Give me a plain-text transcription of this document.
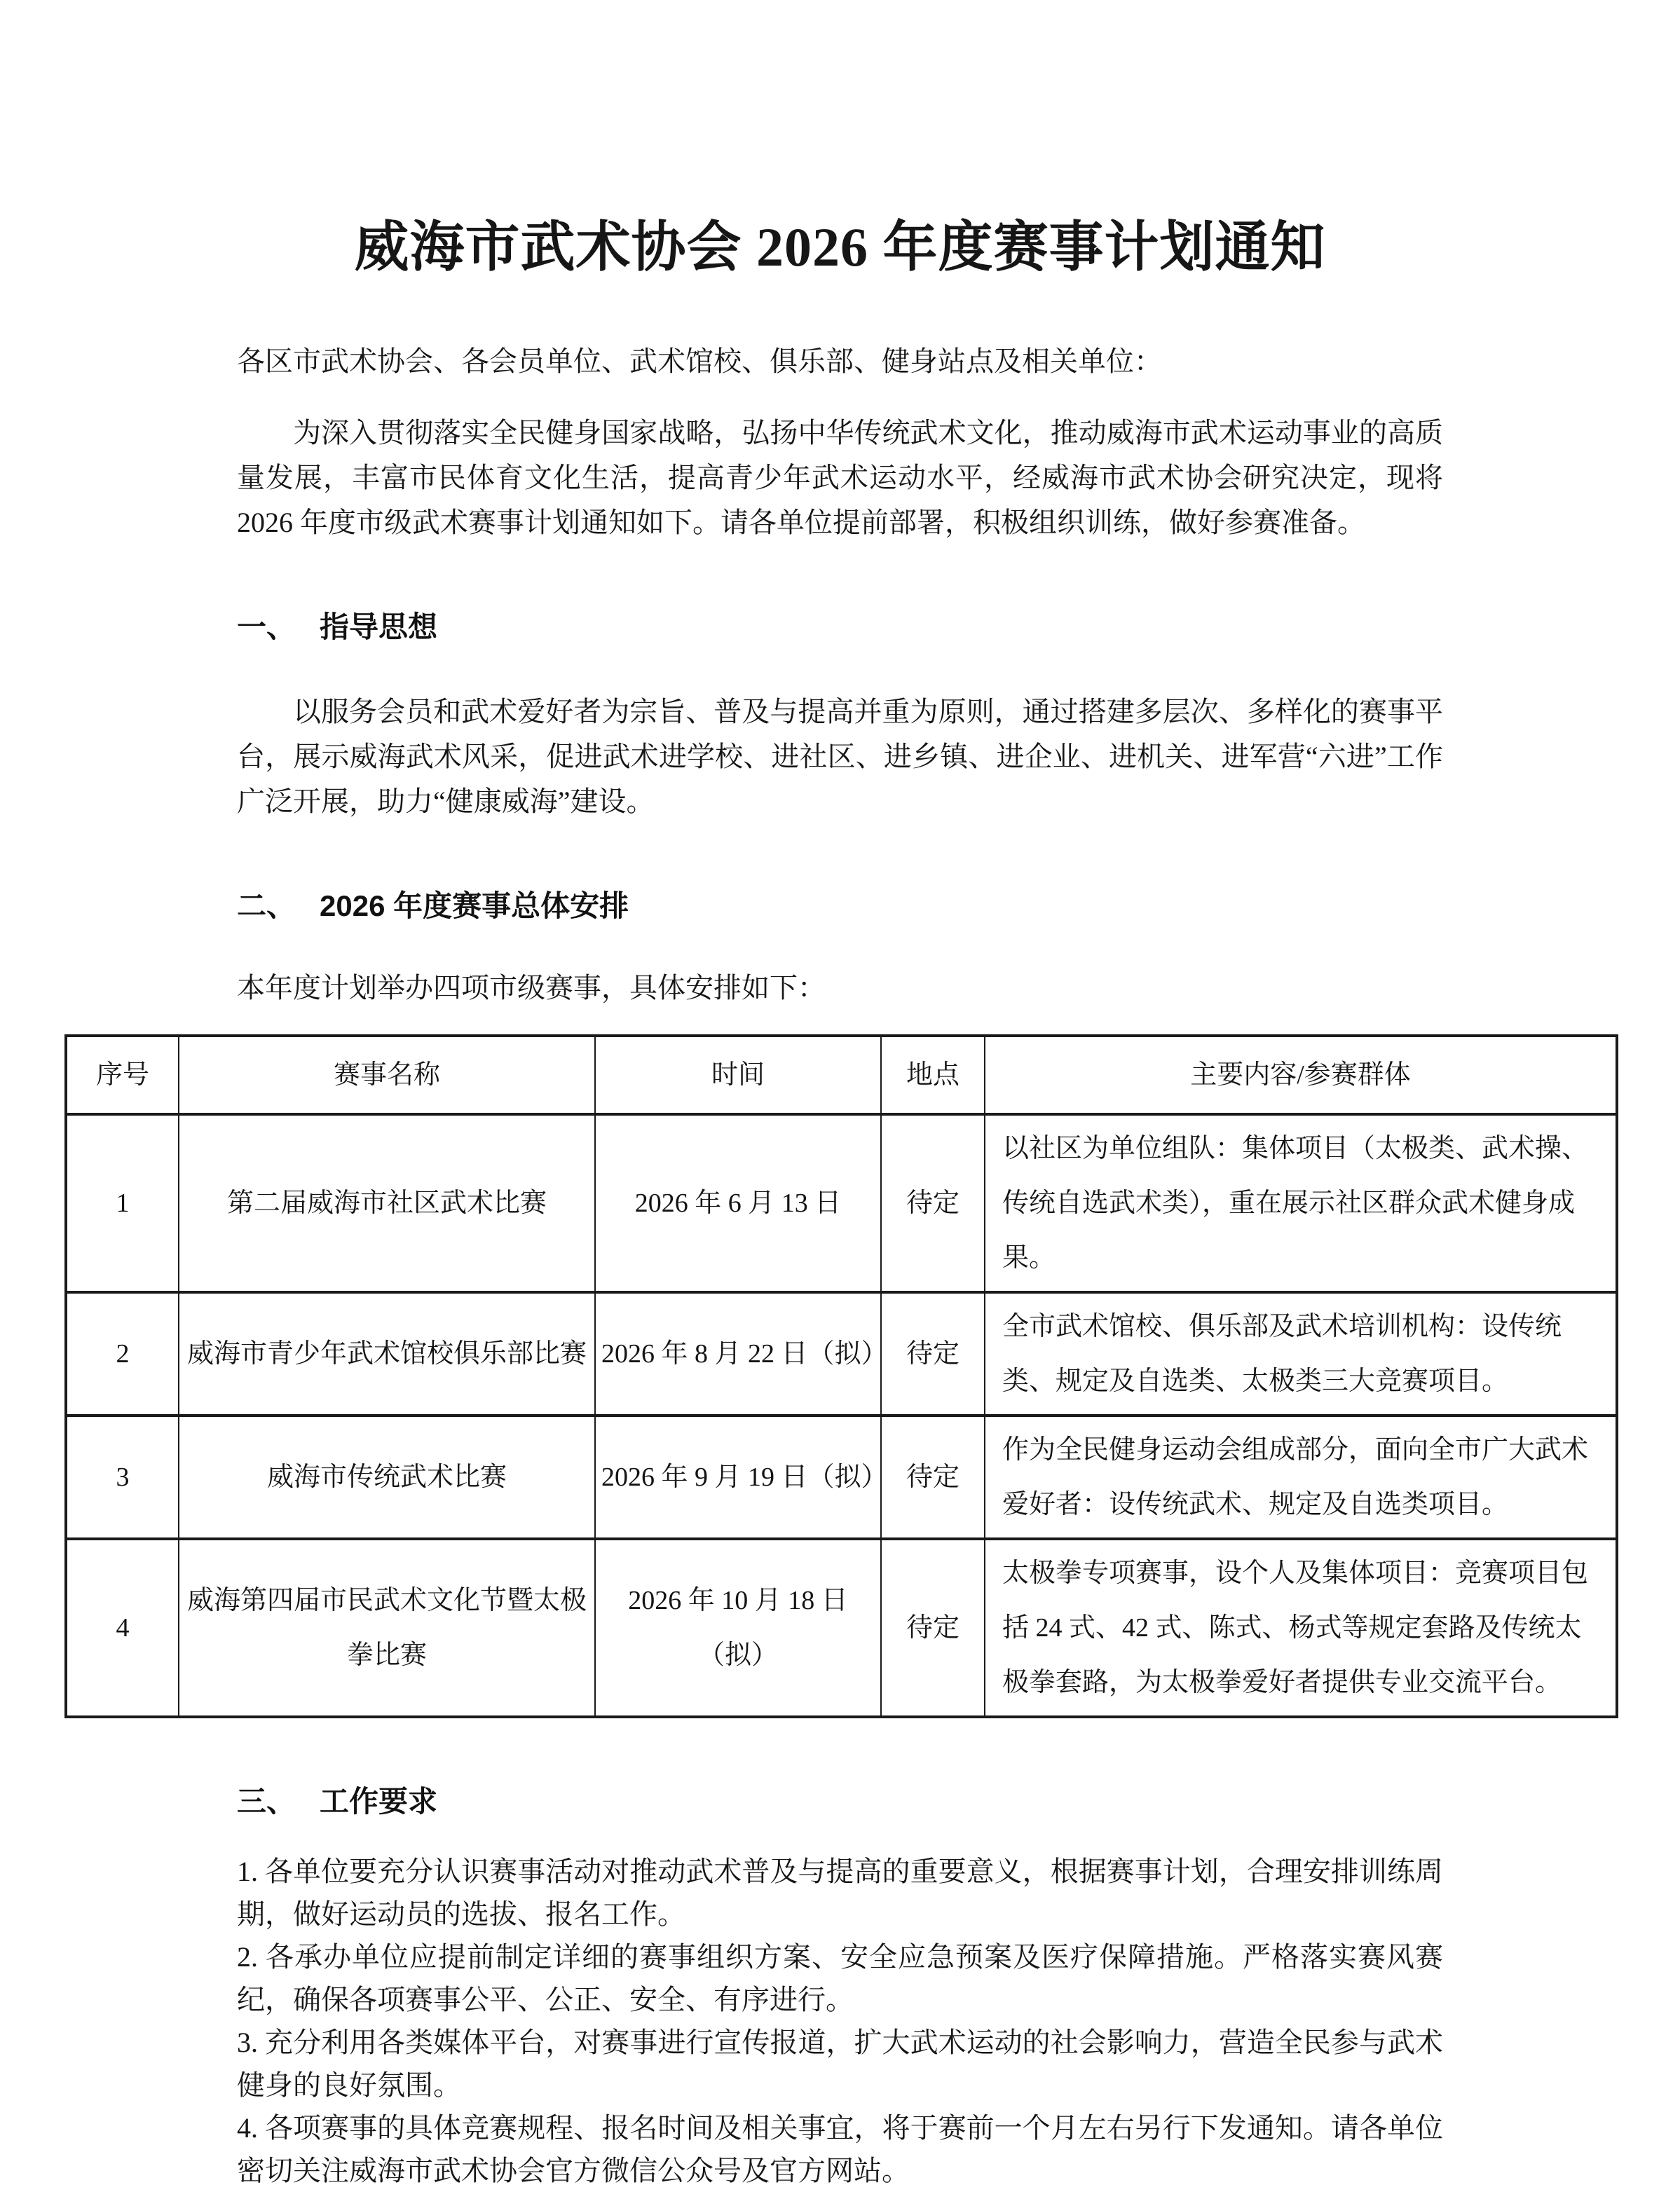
威海市武术协会 2026 年度赛事计划通知

各区市武术协会、各会员单位、武术馆校、俱乐部、健身站点及相关单位：

为深入贯彻落实全民健身国家战略，弘扬中华传统武术文化，推动威海市武术运动事业的高质量发展，丰富市民体育文化生活，提高青少年武术运动水平，经威海市武术协会研究决定，现将 2026 年度市级武术赛事计划通知如下。请各单位提前部署，积极组织训练，做好参赛准备。

一、 指导思想

以服务会员和武术爱好者为宗旨、普及与提高并重为原则，通过搭建多层次、多样化的赛事平台，展示威海武术风采，促进武术进学校、进社区、进乡镇、进企业、进机关、进军营“六进”工作广泛开展，助力“健康威海”建设。

二、 2026 年度赛事总体安排

本年度计划举办四项市级赛事，具体安排如下：

序号	赛事名称	时间	地点	主要内容/参赛群体
1	第二届威海市社区武术比赛	2026 年 6 月 13 日	待定	以社区为单位组队：集体项目（太极类、武术操、传统自选武术类），重在展示社区群众武术健身成果。
2	威海市青少年武术馆校俱乐部比赛	2026 年 8 月 22 日（拟）	待定	全市武术馆校、俱乐部及武术培训机构：设传统类、规定及自选类、太极类三大竞赛项目。
3	威海市传统武术比赛	2026 年 9 月 19 日（拟）	待定	作为全民健身运动会组成部分，面向全市广大武术爱好者：设传统武术、规定及自选类项目。
4	威海第四届市民武术文化节暨太极拳比赛	2026 年 10 月 18 日（拟）	待定	太极拳专项赛事，设个人及集体项目：竞赛项目包括 24 式、42 式、陈式、杨式等规定套路及传统太极拳套路，为太极拳爱好者提供专业交流平台。
三、 工作要求

1. 各单位要充分认识赛事活动对推动武术普及与提高的重要意义，根据赛事计划，合理安排训练周期，做好运动员的选拔、报名工作。

2. 各承办单位应提前制定详细的赛事组织方案、安全应急预案及医疗保障措施。严格落实赛风赛纪，确保各项赛事公平、公正、安全、有序进行。

3. 充分利用各类媒体平台，对赛事进行宣传报道，扩大武术运动的社会影响力，营造全民参与武术健身的良好氛围。

4. 各项赛事的具体竞赛规程、报名时间及相关事宜，将于赛前一个月左右另行下发通知。请各单位密切关注威海市武术协会官方微信公众号及官方网站。
